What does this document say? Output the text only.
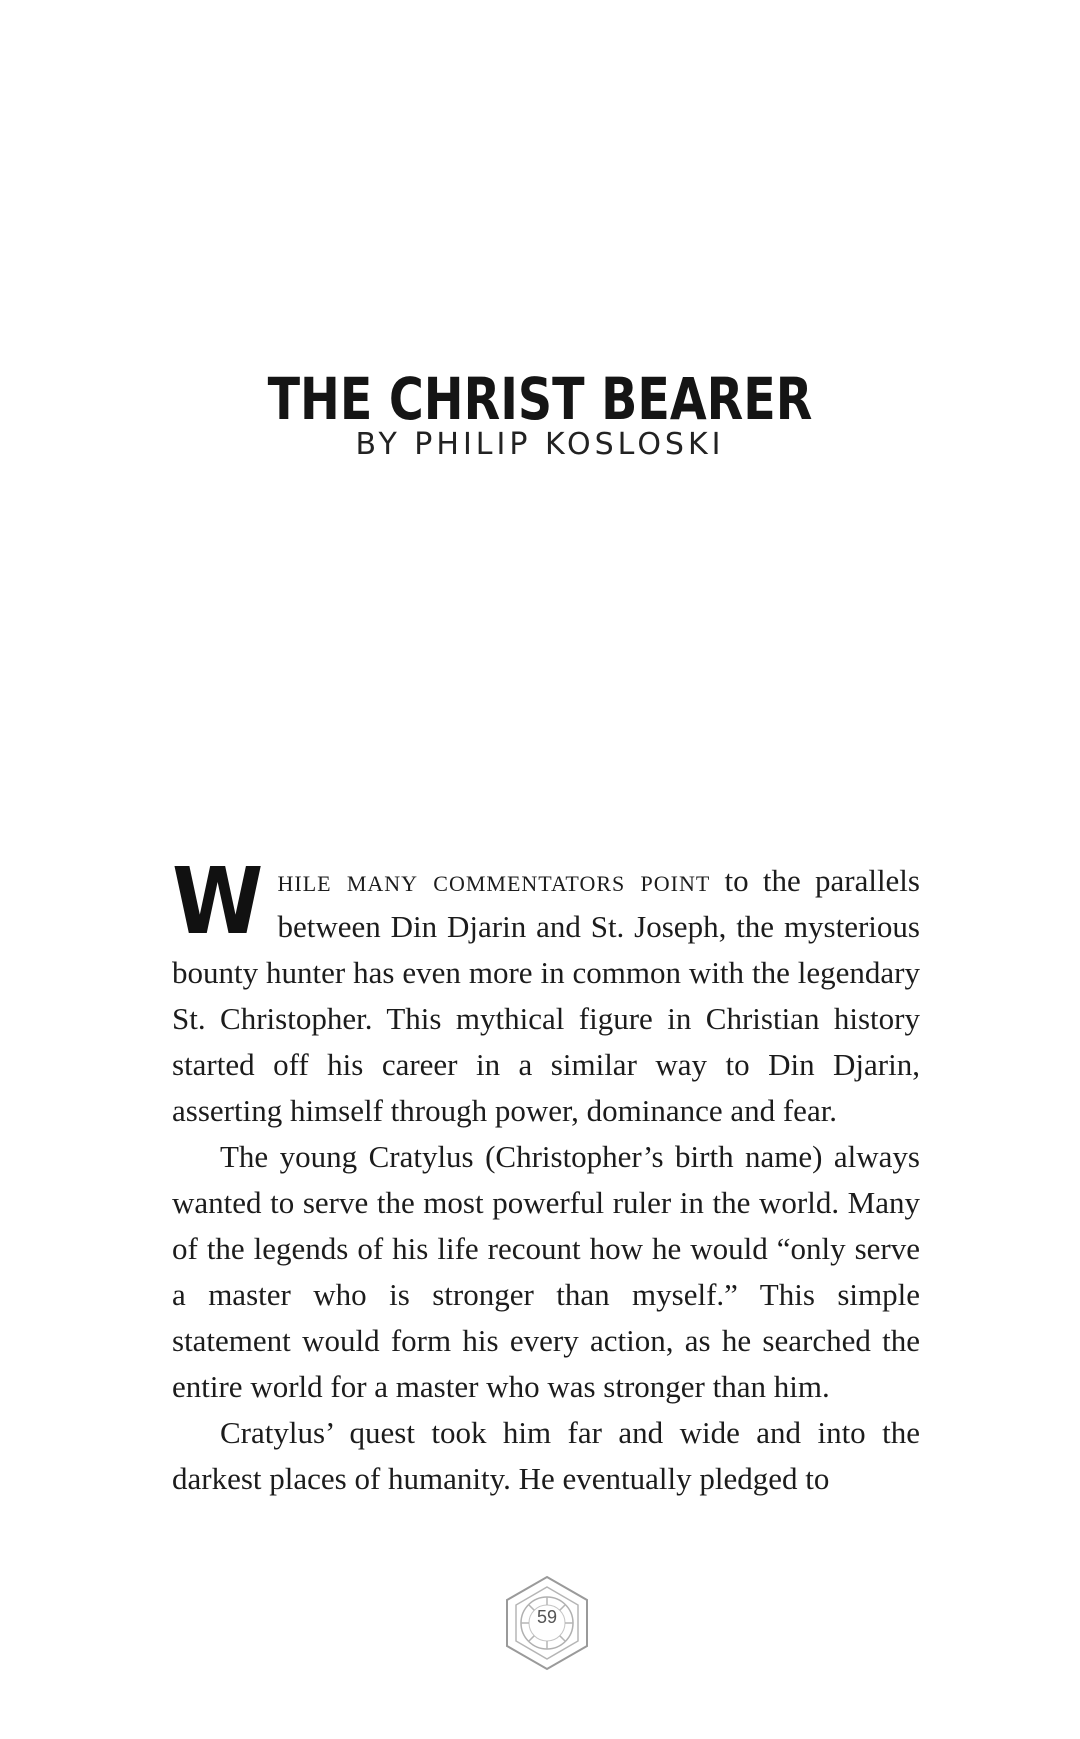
THE CHRIST BEARER
BY PHILIP KOSLOSKI

While many commentators point to the parallels between Din Djarin and St. Joseph, the mysterious bounty hunter has even more in common with the legendary St. Christopher. This mythical figure in Christian history started off his career in a similar way to Din Djarin, asserting himself through power, dominance and fear.

The young Cratylus (Christopher’s birth name) always wanted to serve the most powerful ruler in the world. Many of the legends of his life recount how he would “only serve a master who is stronger than myself.” This simple statement would form his every action, as he searched the entire world for a master who was stronger than him.

Cratylus’ quest took him far and wide and into the darkest places of humanity. He eventually pledged to

59
